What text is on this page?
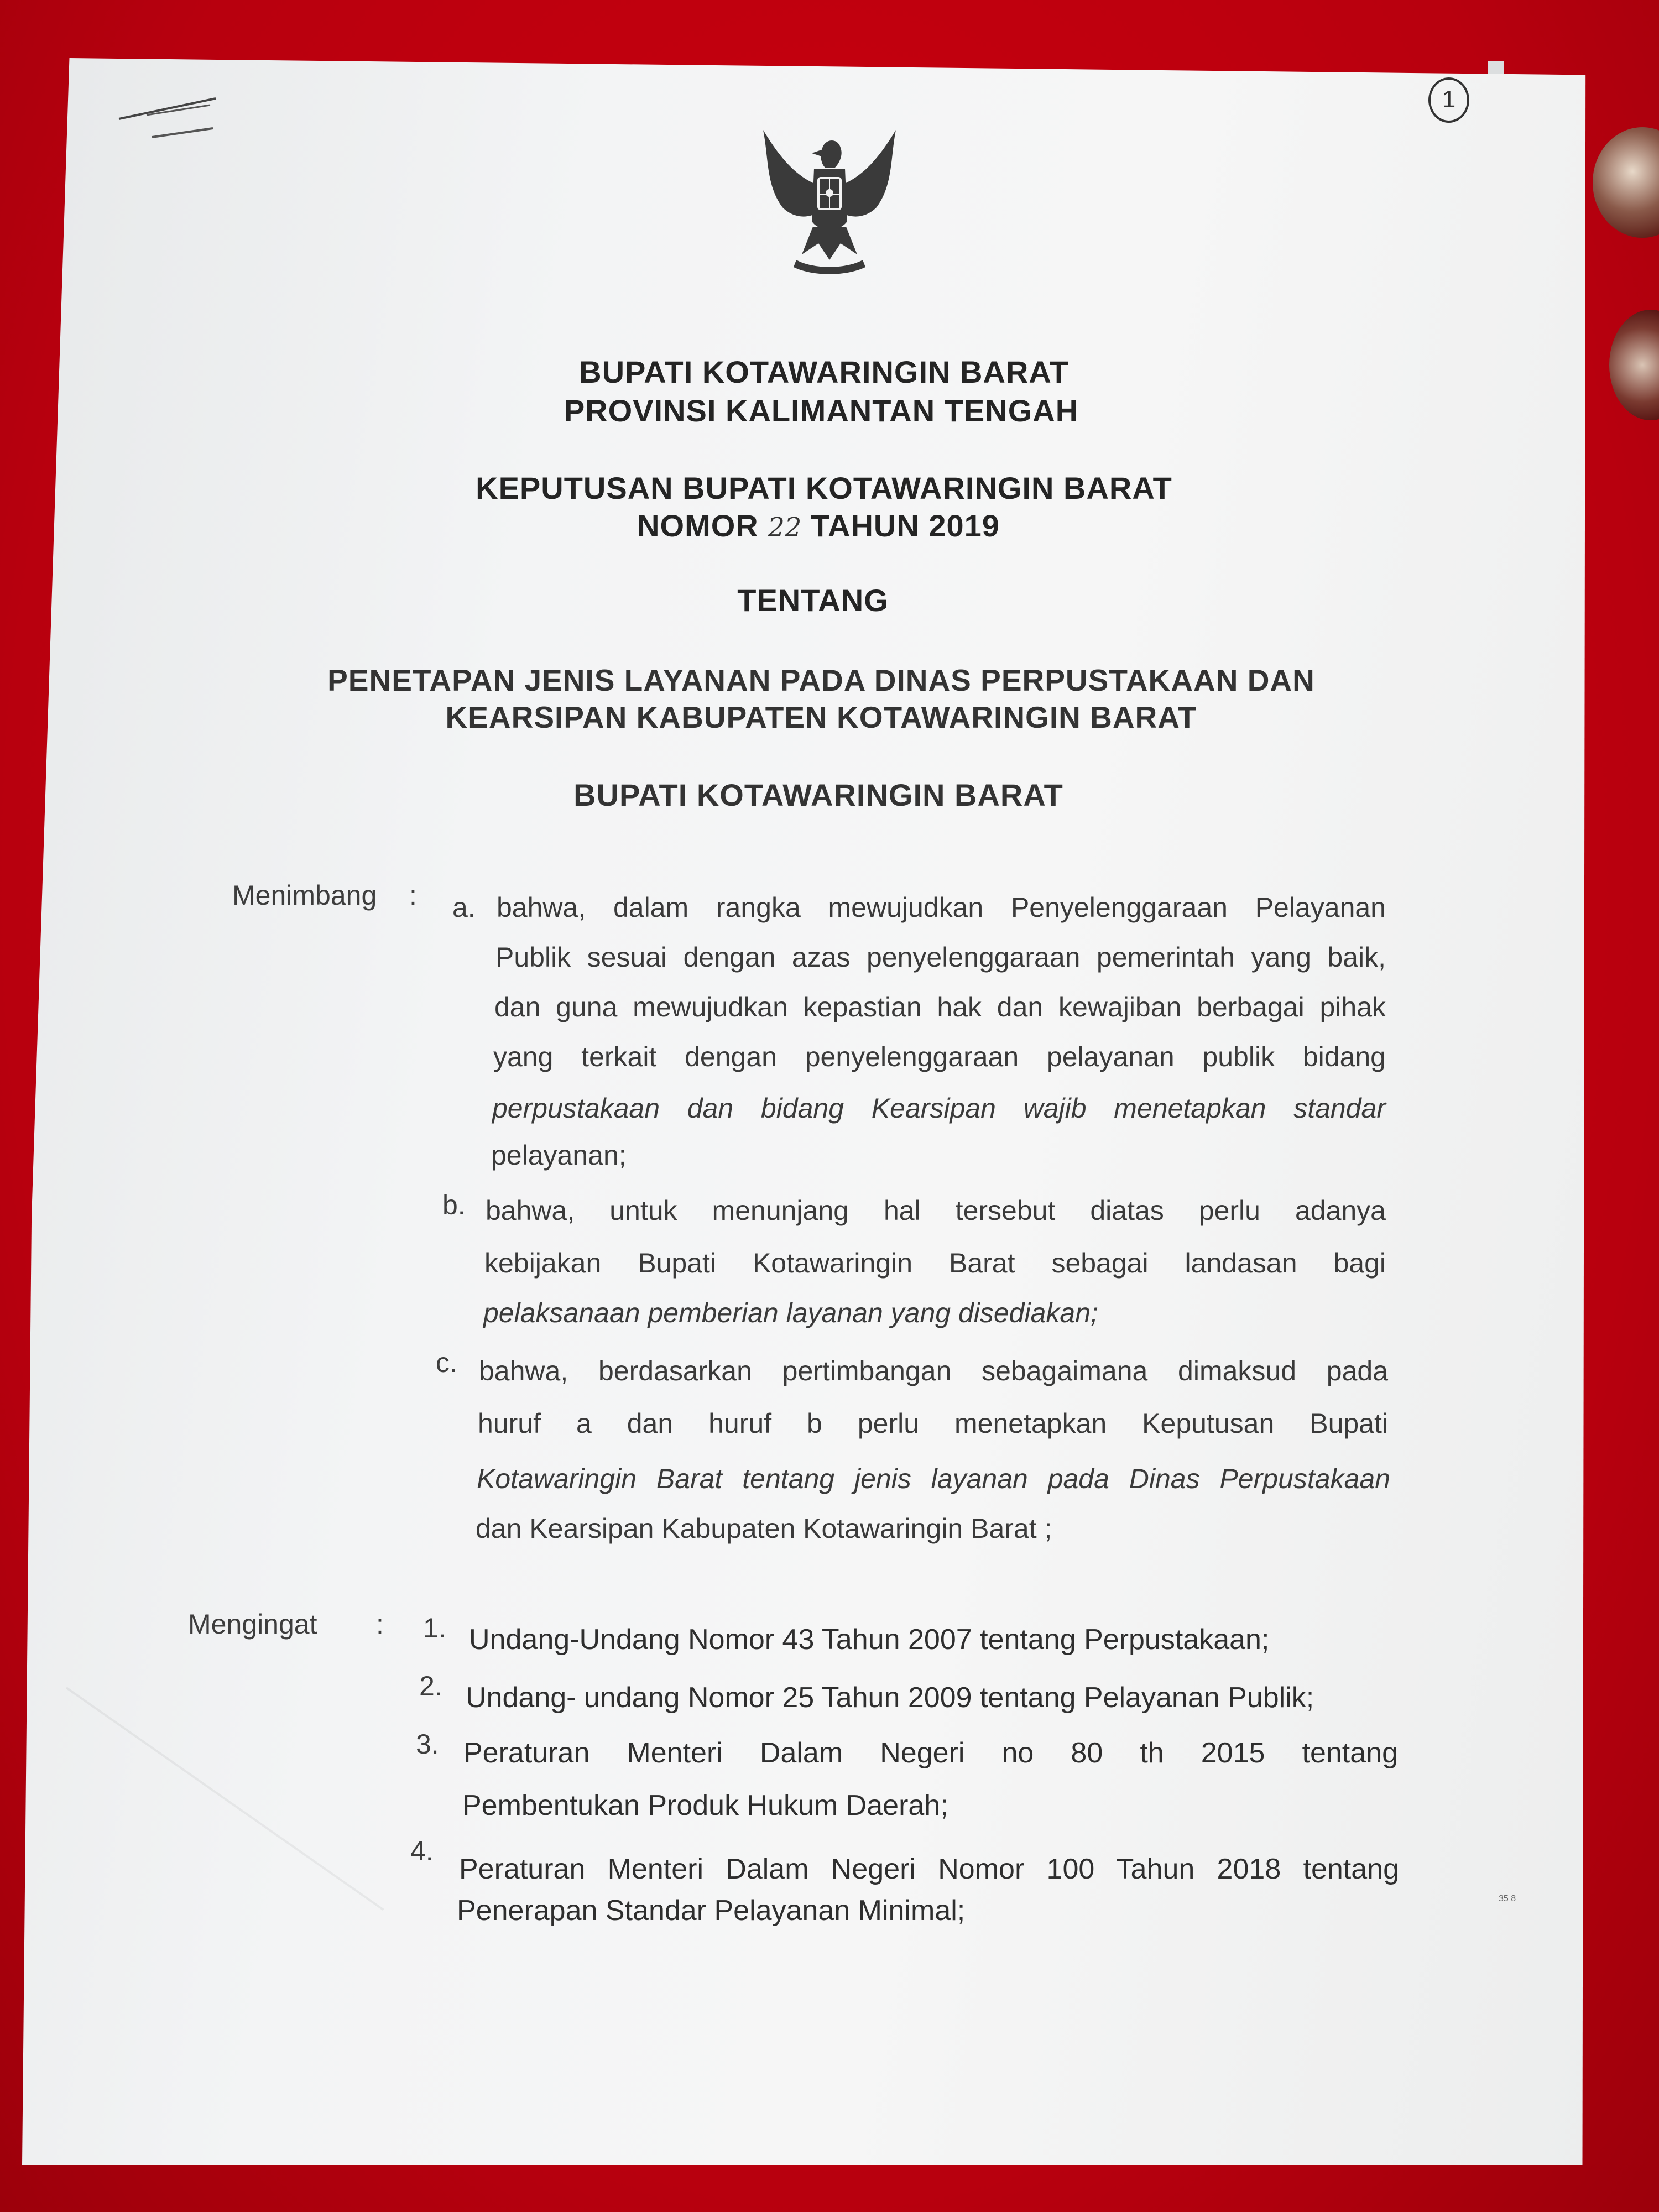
1
BUPATI KOTAWARINGIN BARAT
PROVINSI KALIMANTAN TENGAH
KEPUTUSAN BUPATI KOTAWARINGIN BARAT
NOMOR 22 TAHUN 2019
TENTANG
PENETAPAN JENIS LAYANAN PADA DINAS PERPUSTAKAAN DAN
KEARSIPAN KABUPATEN KOTAWARINGIN BARAT
BUPATI KOTAWARINGIN BARAT
Menimbang : a. bahwa, dalam rangka mewujudkan Penyelenggaraan Pelayanan
Publik sesuai dengan azas penyelenggaraan pemerintah yang baik,
dan guna mewujudkan kepastian hak dan kewajiban berbagai pihak
yang terkait dengan penyelenggaraan pelayanan publik bidang
perpustakaan dan bidang Kearsipan wajib menetapkan standar
pelayanan;
b. bahwa, untuk menunjang hal tersebut diatas perlu adanya
kebijakan Bupati Kotawaringin Barat sebagai landasan bagi
pelaksanaan pemberian layanan yang disediakan;
c. bahwa, berdasarkan pertimbangan sebagaimana dimaksud pada
huruf a dan huruf b perlu menetapkan Keputusan Bupati
Kotawaringin Barat tentang jenis layanan pada Dinas Perpustakaan
dan Kearsipan Kabupaten Kotawaringin Barat ;
Mengingat : 1. Undang-Undang Nomor 43 Tahun 2007 tentang Perpustakaan;
2. Undang- undang Nomor 25 Tahun 2009 tentang Pelayanan Publik;
3. Peraturan Menteri Dalam Negeri no 80 th 2015 tentang
Pembentukan Produk Hukum Daerah;
4.
Peraturan Menteri Dalam Negeri Nomor 100 Tahun 2018 tentang
Penerapan Standar Pelayanan Minimal;	35 8
